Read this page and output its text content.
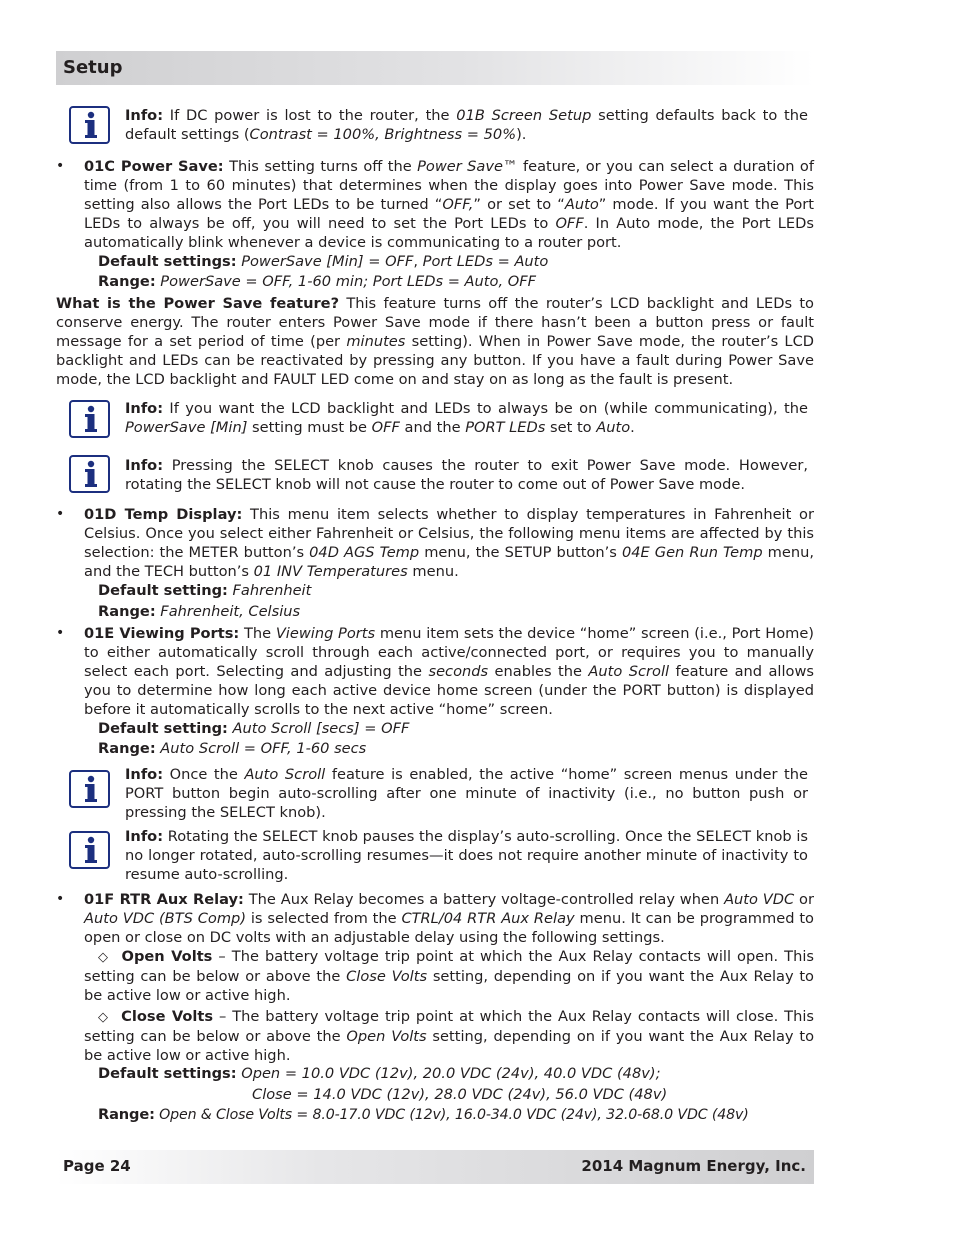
Setup
Info: If DC power is lost to the router, the 01B Screen Setup setting defaults back to the default settings (Contrast = 100%, Brightness = 50%).
• 01C Power Save: This setting turns off the Power Save™ feature, or you can select a duration of time (from 1 to 60 minutes) that determines when the display goes into Power Save mode. This setting also allows the Port LEDs to be turned “OFF,” or set to “Auto” mode. If you want the Port LEDs to always be off, you will need to set the Port LEDs to OFF. In Auto mode, the Port LEDs automatically blink whenever a device is communicating to a router port.
Default settings: PowerSave [Min] = OFF, Port LEDs = Auto
Range: PowerSave = OFF, 1-60 min; Port LEDs = Auto, OFF
What is the Power Save feature? This feature turns off the router’s LCD backlight and LEDs to conserve energy. The router enters Power Save mode if there hasn’t been a button press or fault message for a set period of time (per minutes setting). When in Power Save mode, the router’s LCD backlight and LEDs can be reactivated by pressing any button. If you have a fault during Power Save mode, the LCD backlight and FAULT LED come on and stay on as long as the fault is present.
Info: If you want the LCD backlight and LEDs to always be on (while communicating), the PowerSave [Min] setting must be OFF and the PORT LEDs set to Auto.
Info: Pressing the SELECT knob causes the router to exit Power Save mode. However, rotating the SELECT knob will not cause the router to come out of Power Save mode.
• 01D Temp Display: This menu item selects whether to display temperatures in Fahrenheit or Celsius. Once you select either Fahrenheit or Celsius, the following menu items are affected by this selection: the METER button’s 04D AGS Temp menu, the SETUP button’s 04E Gen Run Temp menu, and the TECH button’s 01 INV Temperatures menu.
Default setting: Fahrenheit
Range: Fahrenheit, Celsius
• 01E Viewing Ports: The Viewing Ports menu item sets the device “home” screen (i.e., Port Home) to either automatically scroll through each active/connected port, or requires you to manually select each port. Selecting and adjusting the seconds enables the Auto Scroll feature and allows you to determine how long each active device home screen (under the PORT button) is displayed before it automatically scrolls to the next active “home” screen.
Default setting: Auto Scroll [secs] = OFF
Range: Auto Scroll = OFF, 1-60 secs
Info: Once the Auto Scroll feature is enabled, the active “home” screen menus under the PORT button begin auto-scrolling after one minute of inactivity (i.e., no button push or pressing the SELECT knob).
Info: Rotating the SELECT knob pauses the display’s auto-scrolling. Once the SELECT knob is no longer rotated, auto-scrolling resumes—it does not require another minute of inactivity to resume auto-scrolling.
• 01F RTR Aux Relay: The Aux Relay becomes a battery voltage-controlled relay when Auto VDC or Auto VDC (BTS Comp) is selected from the CTRL/04 RTR Aux Relay menu. It can be programmed to open or close on DC volts with an adjustable delay using the following settings.
◇ Open Volts – The battery voltage trip point at which the Aux Relay contacts will open. This setting can be below or above the Close Volts setting, depending on if you want the Aux Relay to be active low or active high.
◇ Close Volts – The battery voltage trip point at which the Aux Relay contacts will close. This setting can be below or above the Open Volts setting, depending on if you want the Aux Relay to be active low or active high.
Default settings: Open = 10.0 VDC (12v), 20.0 VDC (24v), 40.0 VDC (48v);
Close = 14.0 VDC (12v), 28.0 VDC (24v), 56.0 VDC (48v)
Range: Open & Close Volts = 8.0-17.0 VDC (12v), 16.0-34.0 VDC (24v), 32.0-68.0 VDC (48v)
Page 24	2014 Magnum Energy, Inc.
